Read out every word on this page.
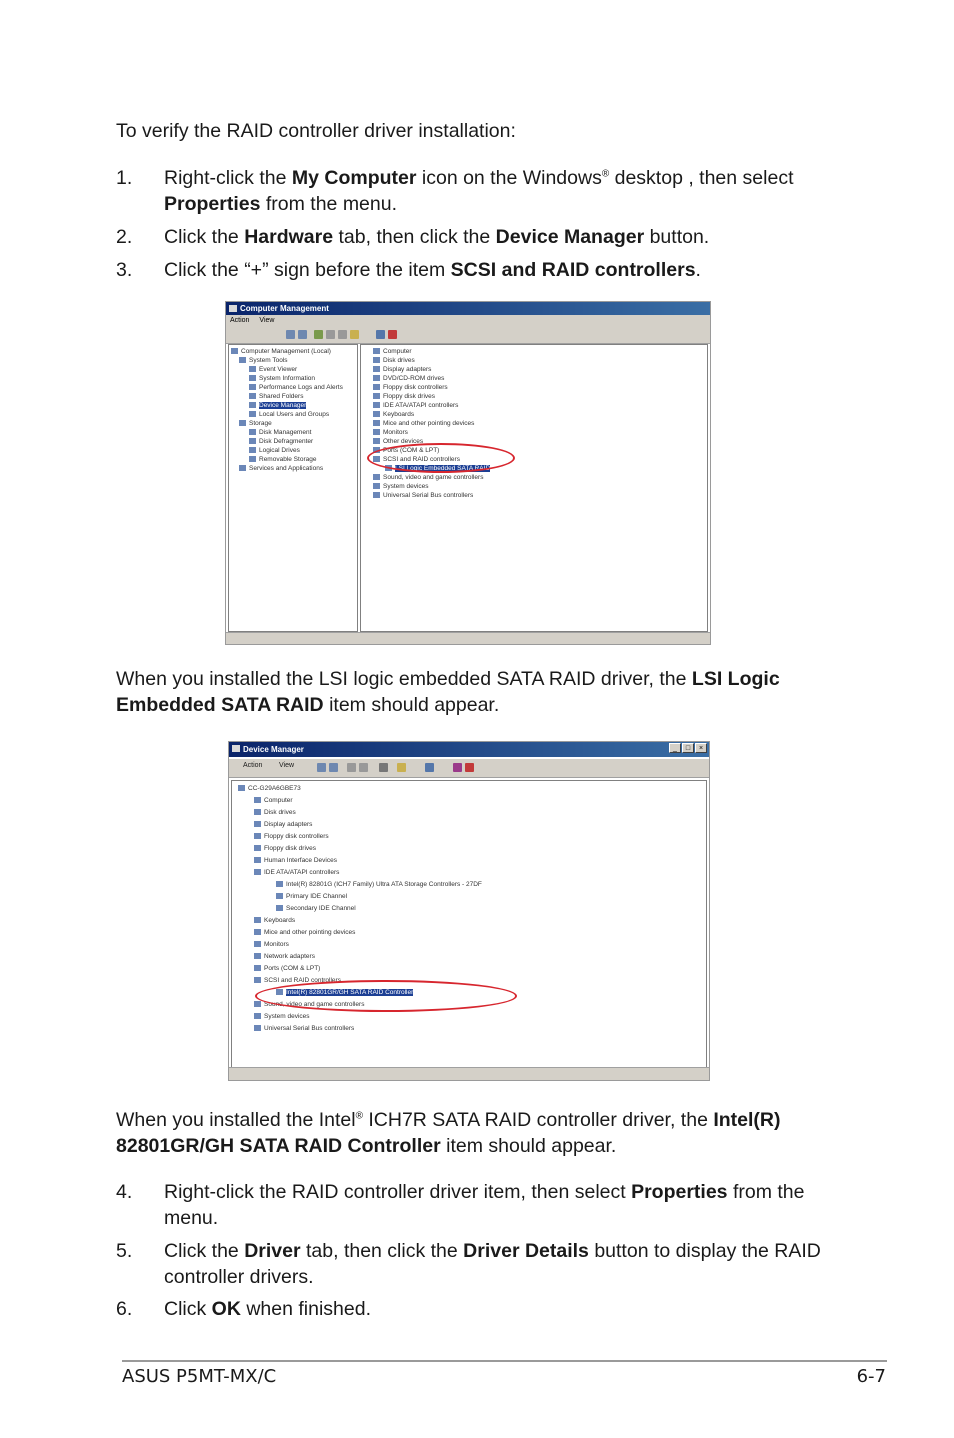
To verify the RAID controller driver installation:

1.	Right-click the My Computer icon on the Windows® desktop , then select Properties from the menu.
2.	Click the Hardware tab, then click the Device Manager button.
3.	Click the “+” sign before the item SCSI and RAID controllers.
Computer Management
Action View
Computer Management (Local)
System Tools
Event Viewer
System Information
Performance Logs and Alerts
Shared Folders
Device Manager
Local Users and Groups
Storage
Disk Management
Disk Defragmenter
Logical Drives
Removable Storage
Services and Applications
Computer
Disk drives
Display adapters
DVD/CD-ROM drives
Floppy disk controllers
Floppy disk drives
IDE ATA/ATAPI controllers
Keyboards
Mice and other pointing devices
Monitors
Other devices
Ports (COM & LPT)
SCSI and RAID controllers
LSI Logic Embedded SATA RAID
Sound, video and game controllers
System devices
Universal Serial Bus controllers

When you installed the LSI logic embedded SATA RAID driver, the LSI Logic Embedded SATA RAID item should appear.

Device Manager	_	□	×
Action View
CC-G29A6GBE73
Computer
Disk drives
Display adapters
Floppy disk controllers
Floppy disk drives
Human Interface Devices
IDE ATA/ATAPI controllers
Intel(R) 82801G (ICH7 Family) Ultra ATA Storage Controllers - 27DF
Primary IDE Channel
Secondary IDE Channel
Keyboards
Mice and other pointing devices
Monitors
Network adapters
Ports (COM & LPT)
SCSI and RAID controllers
Intel(R) 82801GR/GH SATA RAID Controller
Sound, video and game controllers
System devices
Universal Serial Bus controllers

When you installed the Intel® ICH7R SATA RAID controller driver, the Intel(R) 82801GR/GH SATA RAID Controller item should appear.

4.	Right-click the RAID controller driver item, then select Properties from the menu.
5.	Click the Driver tab, then click the Driver Details button to display the RAID controller drivers.
6.	Click OK when finished.
ASUS P5MT-MX/C	6-7
